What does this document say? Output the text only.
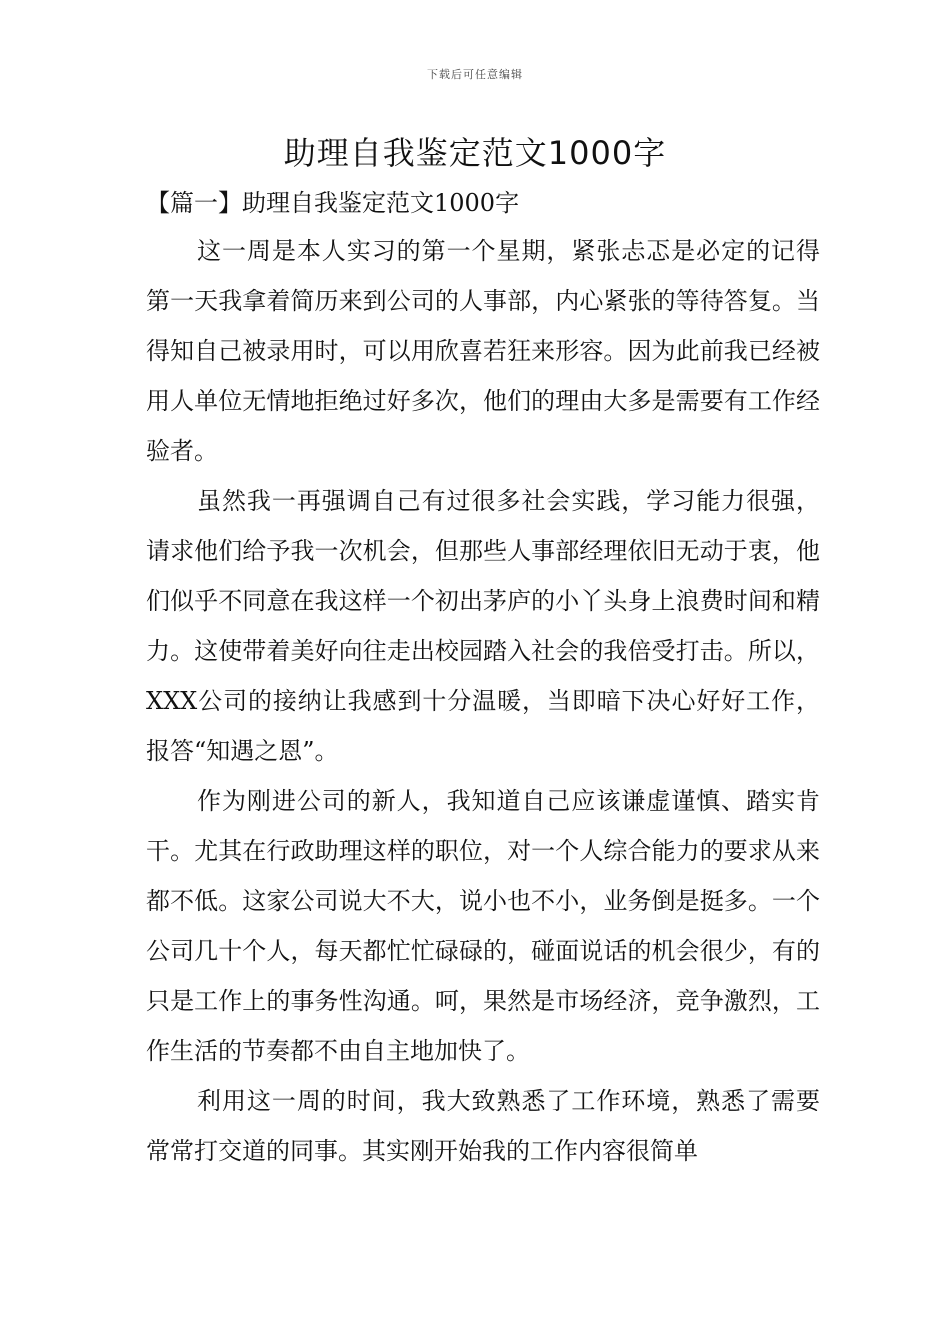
下载后可任意编辑
助理自我鉴定范文1000字
【篇一】助理自我鉴定范文1000字

这一周是本人实习的第一个星期，紧张忐忑是必定的记得第一天我拿着简历来到公司的人事部，内心紧张的等待答复。当得知自己被录用时，可以用欣喜若狂来形容。因为此前我已经被用人单位无情地拒绝过好多次，他们的理由大多是需要有工作经验者。

虽然我一再强调自己有过很多社会实践，学习能力很强，请求他们给予我一次机会，但那些人事部经理依旧无动于衷，他们似乎不同意在我这样一个初出茅庐的小丫头身上浪费时间和精力。这使带着美好向往走出校园踏入社会的我倍受打击。所以，XXX公司的接纳让我感到十分温暖，当即暗下决心好好工作，报答“知遇之恩”。

作为刚进公司的新人，我知道自己应该谦虚谨慎、踏实肯干。尤其在行政助理这样的职位，对一个人综合能力的要求从来都不低。这家公司说大不大，说小也不小，业务倒是挺多。一个公司几十个人，每天都忙忙碌碌的，碰面说话的机会很少，有的只是工作上的事务性沟通。呵，果然是市场经济，竞争激烈，工作生活的节奏都不由自主地加快了。

利用这一周的时间，我大致熟悉了工作环境，熟悉了需要常常打交道的同事。其实刚开始我的工作内容很简单
